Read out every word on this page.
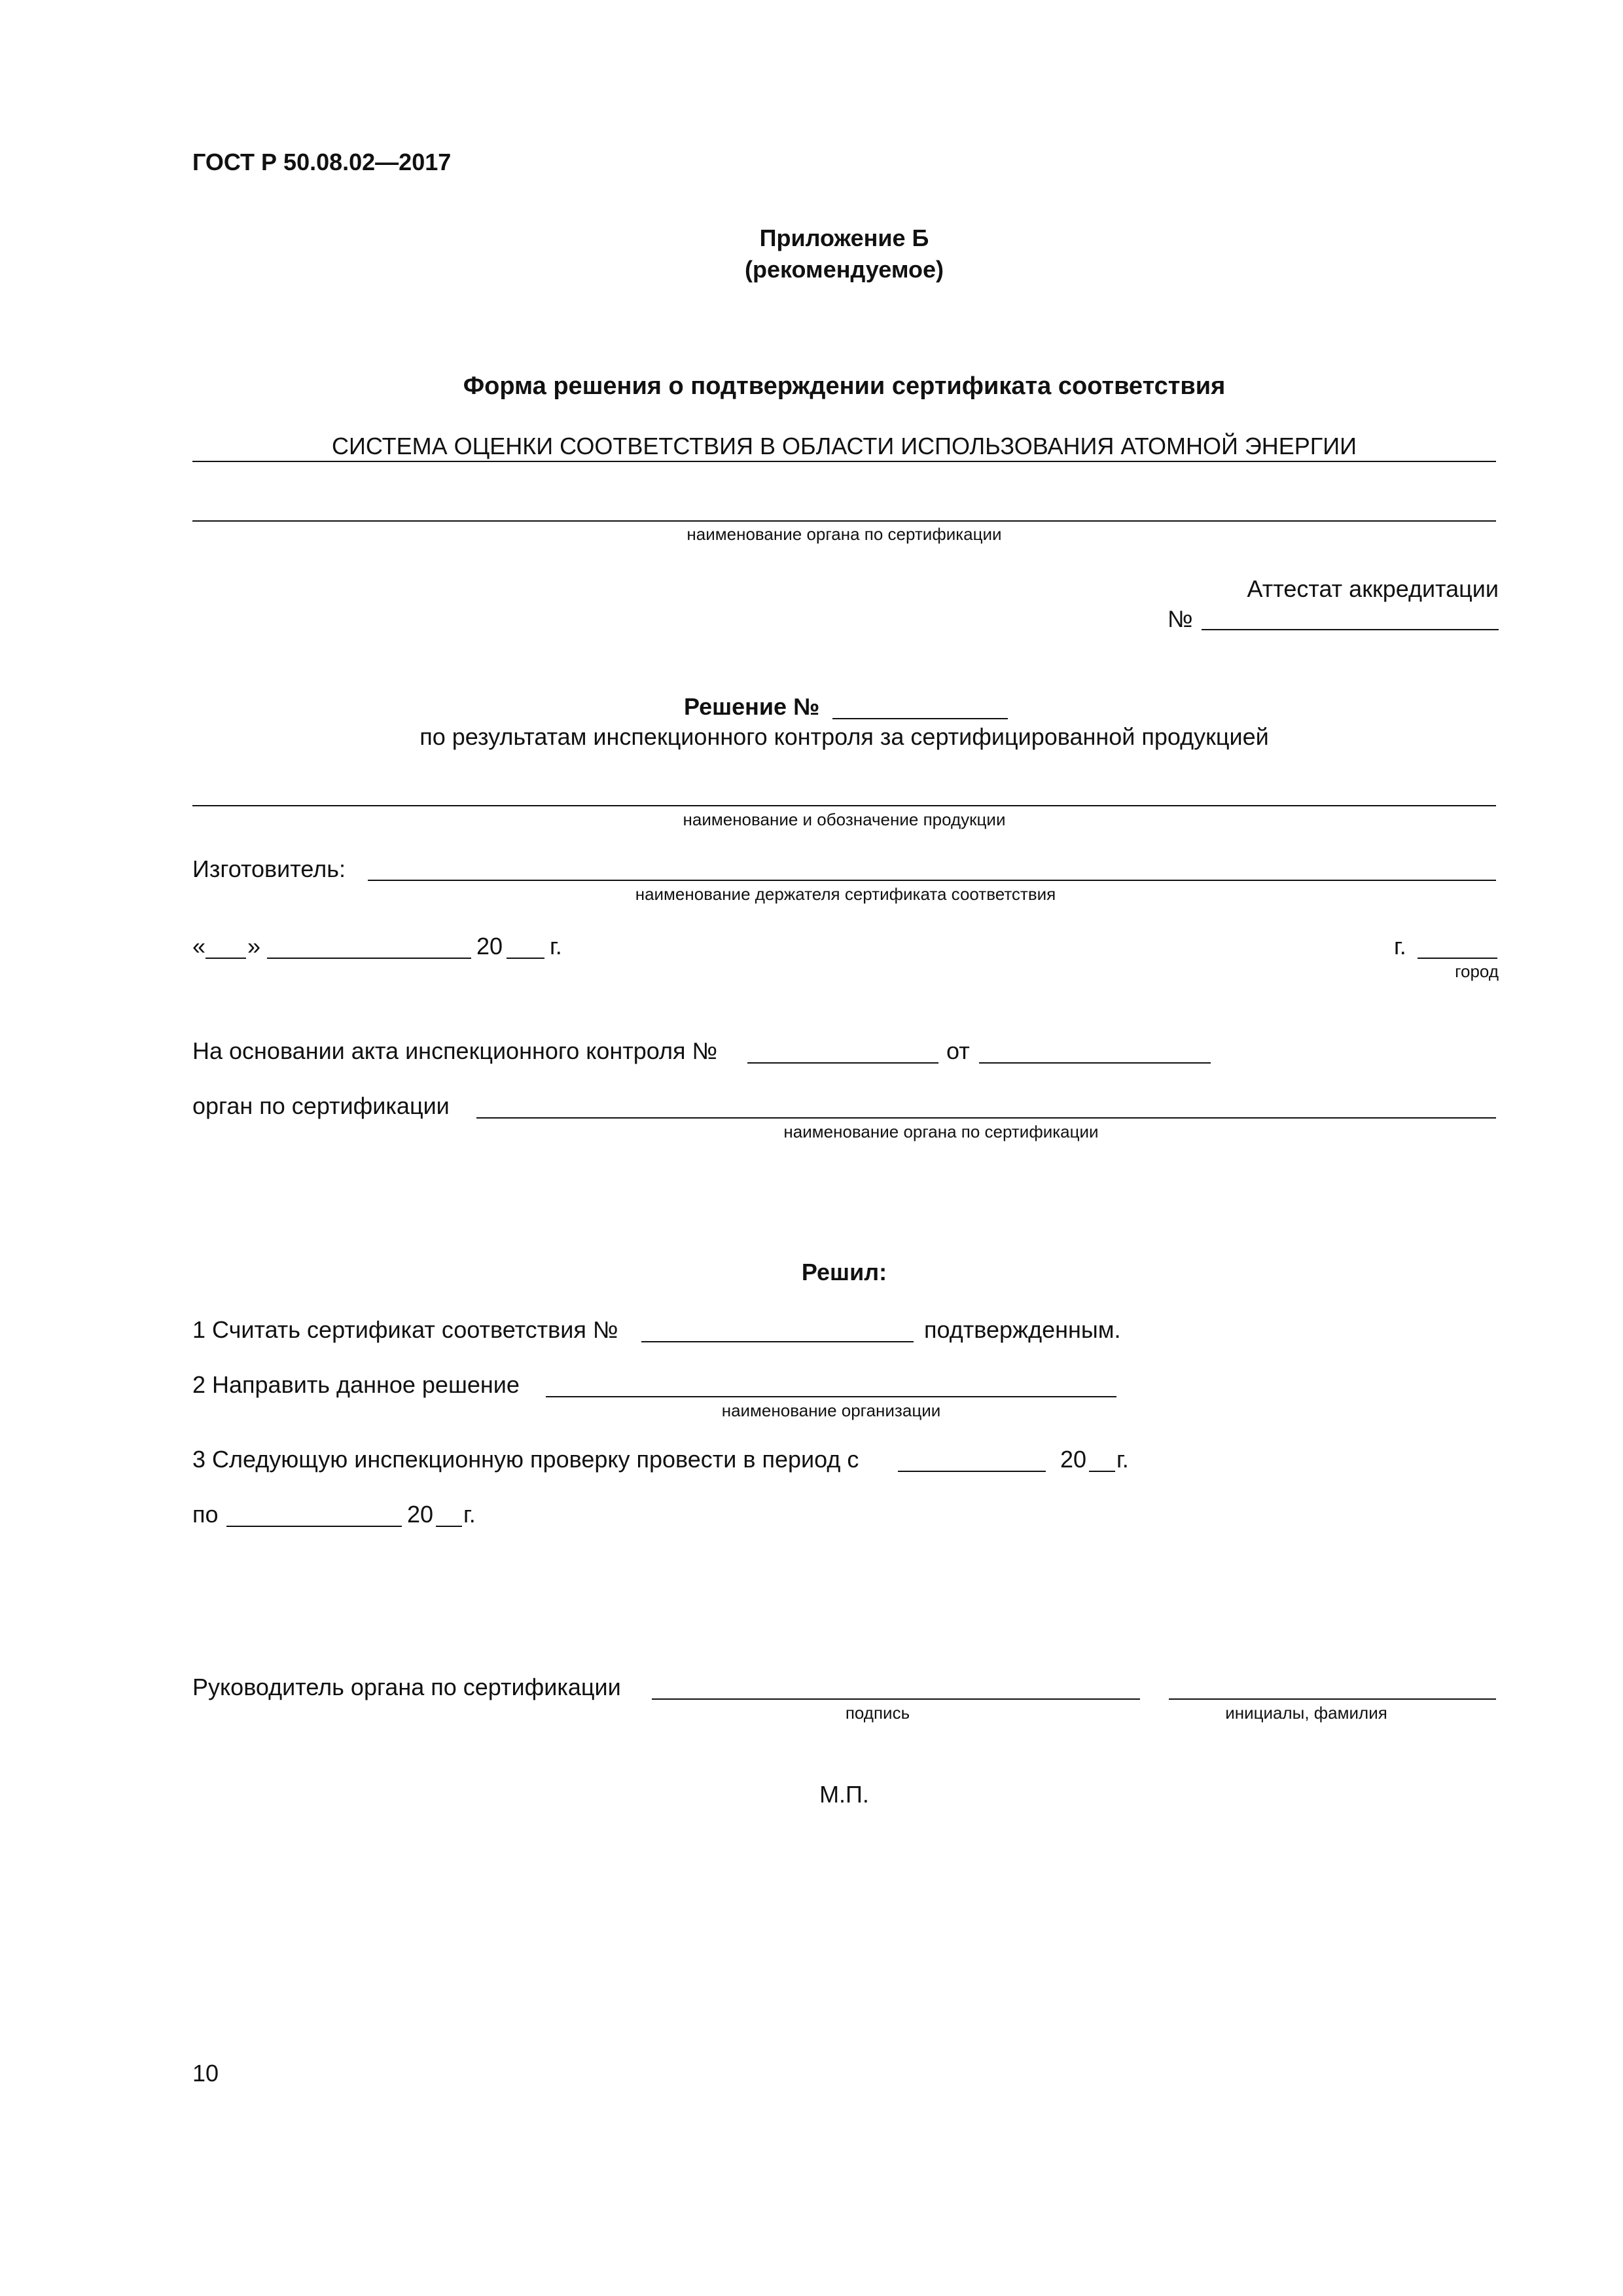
ГОСТ Р 50.08.02—2017
Приложение Б
(рекомендуемое)
Форма решения о подтверждении сертификата соответствия
СИСТЕМА ОЦЕНКИ СООТВЕТСТВИЯ В ОБЛАСТИ ИСПОЛЬЗОВАНИЯ АТОМНОЙ ЭНЕРГИИ
наименование органа по сертификации
Аттестат аккредитации
№
Решение №
по результатам инспекционного контроля за сертифицированной продукцией
наименование и обозначение продукции
Изготовитель:
наименование держателя сертификата соответствия
« »	20 г.	г.
город
На основании акта инспекционного контроля №	от
орган по сертификации
наименование органа по сертификации
Решил:
1 Считать сертификат соответствия №	подтвержденным.
2 Направить данное решение
наименование организации
3 Следующую инспекционную проверку провести в период с	20 г.
по	20 г.
Руководитель органа по сертификации
подпись	инициалы, фамилия
М.П.
10
